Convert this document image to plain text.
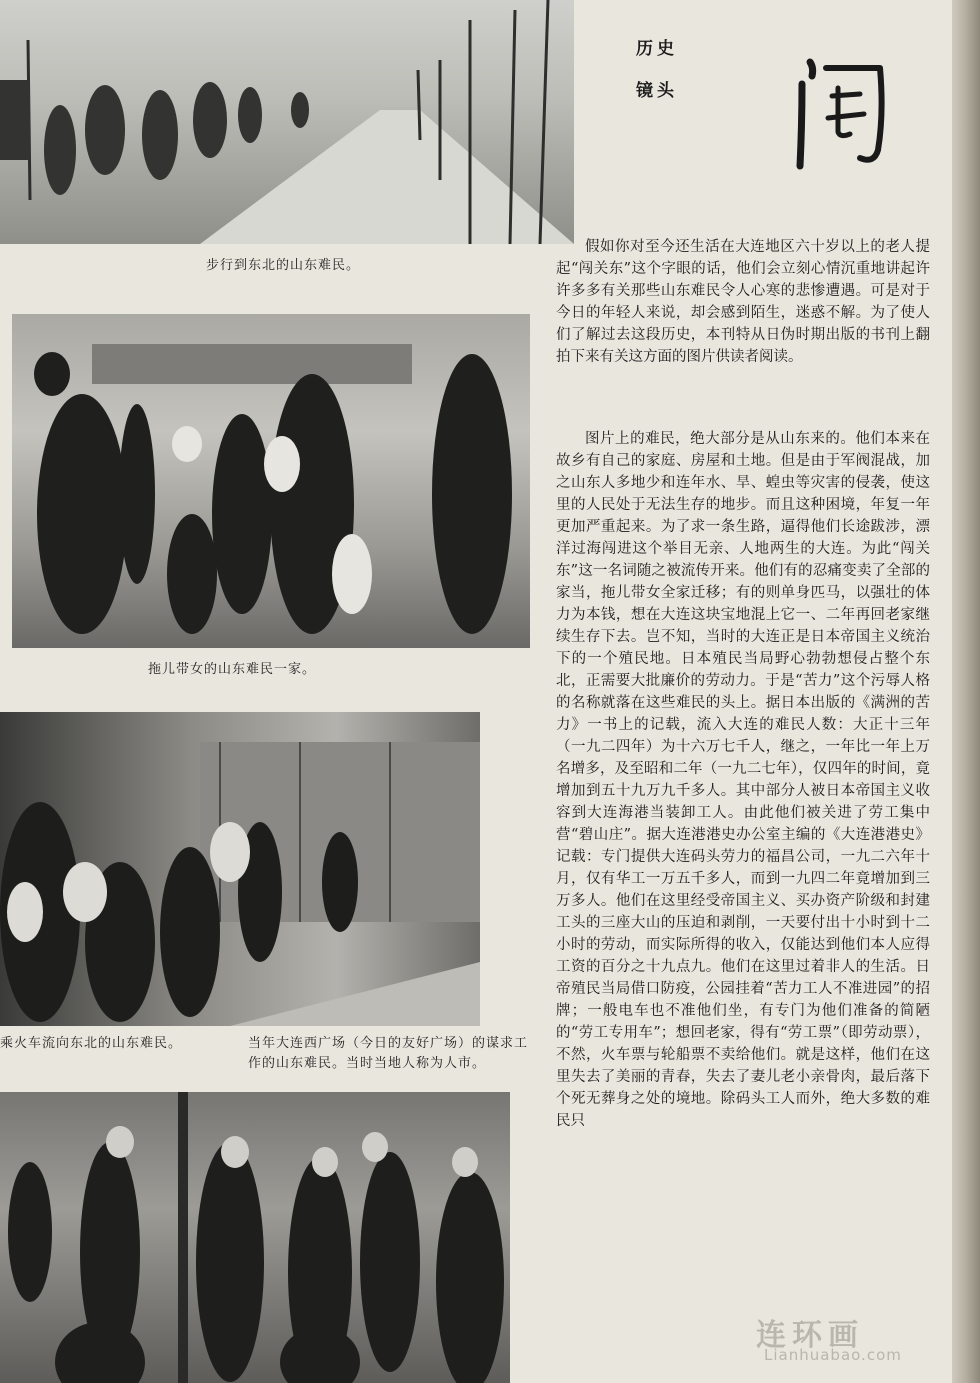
步行到东北的山东难民。
拖儿带女的山东难民一家。
乘火车流向东北的山东难民。	当年大连西广场（今日的友好广场）的谋求工作的山东难民。当时当地人称为人市。
历史
镜头

假如你对至今还生活在大连地区六十岁以上的老人提起“闯关东”这个字眼的话，他们会立刻心情沉重地讲起许许多多有关那些山东难民令人心寒的悲惨遭遇。可是对于今日的年轻人来说，却会感到陌生，迷惑不解。为了使人们了解过去这段历史，本刊特从日伪时期出版的书刊上翻拍下来有关这方面的图片供读者阅读。

图片上的难民，绝大部分是从山东来的。他们本来在故乡有自己的家庭、房屋和土地。但是由于军阀混战，加之山东人多地少和连年水、旱、蝗虫等灾害的侵袭，使这里的人民处于无法生存的地步。而且这种困境，年复一年更加严重起来。为了求一条生路，逼得他们长途跋涉，漂洋过海闯进这个举目无亲、人地两生的大连。为此“闯关东”这一名词随之被流传开来。他们有的忍痛变卖了全部的家当，拖儿带女全家迁移；有的则单身匹马，以强壮的体力为本钱，想在大连这块宝地混上它一、二年再回老家继续生存下去。岂不知，当时的大连正是日本帝国主义统治下的一个殖民地。日本殖民当局野心勃勃想侵占整个东北，正需要大批廉价的劳动力。于是“苦力”这个污辱人格的名称就落在这些难民的头上。据日本出版的《满洲的苦力》一书上的记载，流入大连的难民人数：大正十三年（一九二四年）为十六万七千人，继之，一年比一年上万名增多，及至昭和二年（一九二七年），仅四年的时间，竟增加到五十九万九千多人。其中部分人被日本帝国主义收容到大连海港当装卸工人。由此他们被关进了劳工集中营“碧山庄”。据大连港港史办公室主编的《大连港港史》记载：专门提供大连码头劳力的福昌公司，一九二六年十月，仅有华工一万五千多人，而到一九四二年竟增加到三万多人。他们在这里经受帝国主义、买办资产阶级和封建工头的三座大山的压迫和剥削，一天要付出十小时到十二小时的劳动，而实际所得的收入，仅能达到他们本人应得工资的百分之十九点九。他们在这里过着非人的生活。日帝殖民当局借口防疫，公园挂着“苦力工人不准进园”的招牌；一般电车也不准他们坐，有专门为他们准备的简陋的“劳工专用车”；想回老家，得有“劳工票”（即劳动票），不然，火车票与轮船票不卖给他们。就是这样，他们在这里失去了美丽的青春，失去了妻儿老小亲骨肉，最后落下个死无葬身之处的境地。除码头工人而外，绝大多数的难民只

连环画
Lianhuabao.com
